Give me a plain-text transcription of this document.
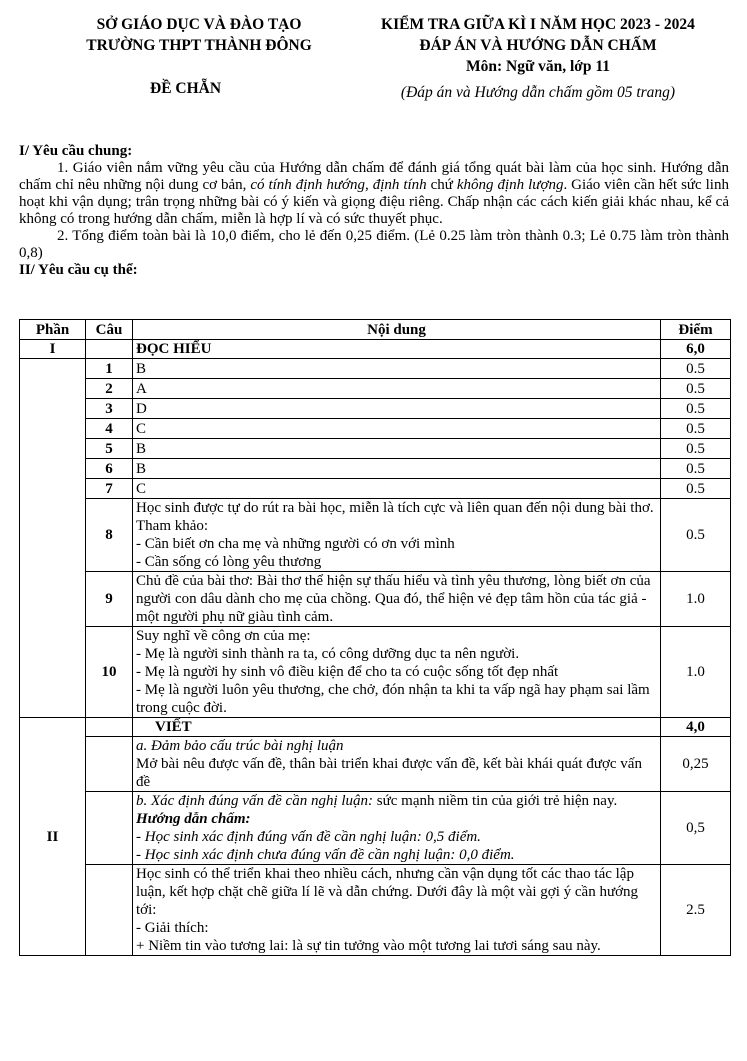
SỞ GIÁO DỤC VÀ ĐÀO TẠO
TRƯỜNG THPT THÀNH ĐÔNG
KIỂM TRA GIỮA KÌ I NĂM HỌC 2023 - 2024
ĐÁP ÁN VÀ HƯỚNG DẪN CHẤM
Môn: Ngữ văn, lớp 11
ĐỀ CHẴN	(Đáp án và Hướng dẫn chấm gồm 05 trang)

I/ Yêu cầu chung:

1. Giáo viên nắm vững yêu cầu của Hướng dẫn chấm để đánh giá tổng quát bài làm của học sinh. Hướng dẫn chấm chỉ nêu những nội dung cơ bản, có tính định hướng, định tính chứ không định lượng. Giáo viên cần hết sức linh hoạt khi vận dụng; trân trọng những bài có ý kiến và giọng điệu riêng. Chấp nhận các cách kiến giải khác nhau, kể cả không có trong hướng dẫn chấm, miễn là hợp lí và có sức thuyết phục.

2. Tổng điểm toàn bài là 10,0 điểm, cho lẻ đến 0,25 điểm. (Lẻ 0.25 làm tròn thành 0.3; Lẻ 0.75 làm tròn thành 0,8)

II/ Yêu cầu cụ thể:

Phần	Câu	Nội dung	Điểm
I		ĐỌC HIỂU	6,0
	1	B	0.5
	2	A	0.5
	3	D	0.5
	4	C	0.5
	5	B	0.5
	6	B	0.5
	7	C	0.5
	8	Học sinh được tự do rút ra bài học, miễn là tích cực và liên quan đến nội dung bài thơ. Tham khảo:
- Cần biết ơn cha mẹ và những người có ơn với mình
- Cần sống có lòng yêu thương	0.5
	9	Chủ đề của bài thơ: Bài thơ thể hiện sự thấu hiểu và tình yêu thương, lòng biết ơn của người con dâu dành cho mẹ của chồng. Qua đó, thể hiện vẻ đẹp tâm hồn của tác giả - một người phụ nữ giàu tình cảm.	1.0
	10	Suy nghĩ về công ơn của mẹ:
- Mẹ là người sinh thành ra ta, có công dưỡng dục ta nên người.
- Mẹ là người hy sinh vô điều kiện để cho ta có cuộc sống tốt đẹp nhất
- Mẹ là người luôn yêu thương, che chở, đón nhận ta khi ta vấp ngã hay phạm sai lầm trong cuộc đời.	1.0
II		VIẾT	4,0

		a. Đảm bảo cấu trúc bài nghị luận
Mở bài nêu được vấn đề, thân bài triển khai được vấn đề, kết bài khái quát được vấn đề	0,25

		b. Xác định đúng vấn đề cần nghị luận: sức mạnh niềm tin của giới trẻ hiện nay.
Hướng dẫn chấm:
- Học sinh xác định đúng vấn đề cần nghị luận: 0,5 điểm.
- Học sinh xác định chưa đúng vấn đề cần nghị luận: 0,0 điểm.	0,5

		Học sinh có thể triển khai theo nhiều cách, nhưng cần vận dụng tốt các thao tác lập luận, kết hợp chặt chẽ giữa lí lẽ và dẫn chứng. Dưới đây là một vài gợi ý cần hướng tới:
- Giải thích:
+ Niềm tin vào tương lai: là sự tin tưởng vào một tương lai tươi sáng sau này.	2.5
